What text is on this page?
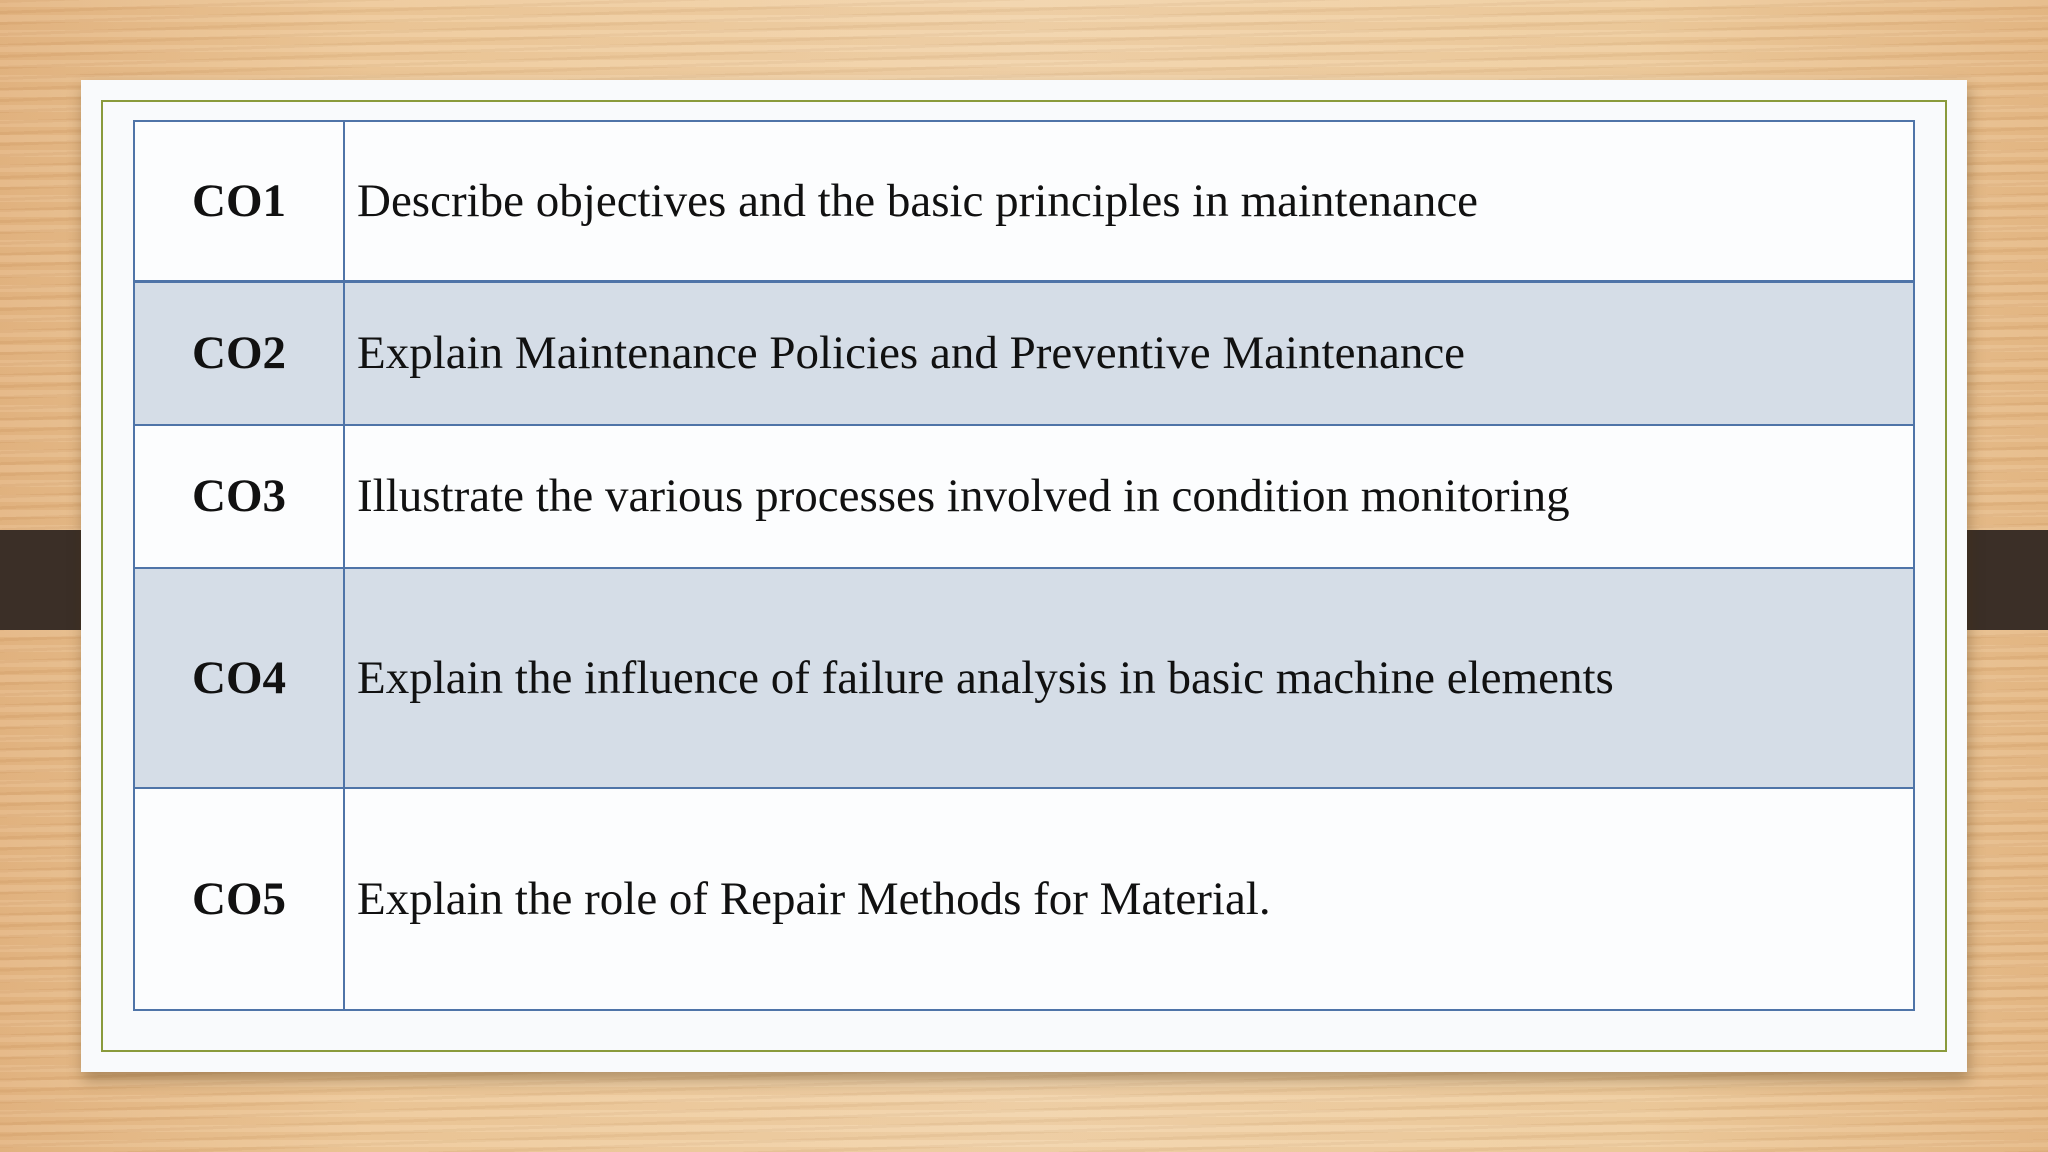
CO1	Describe objectives and the basic principles in maintenance
CO2	Explain Maintenance Policies and Preventive Maintenance
CO3	Illustrate the various processes involved in condition monitoring
CO4	Explain the influence of failure analysis in basic machine elements
CO5	Explain the role of Repair Methods for Material.
